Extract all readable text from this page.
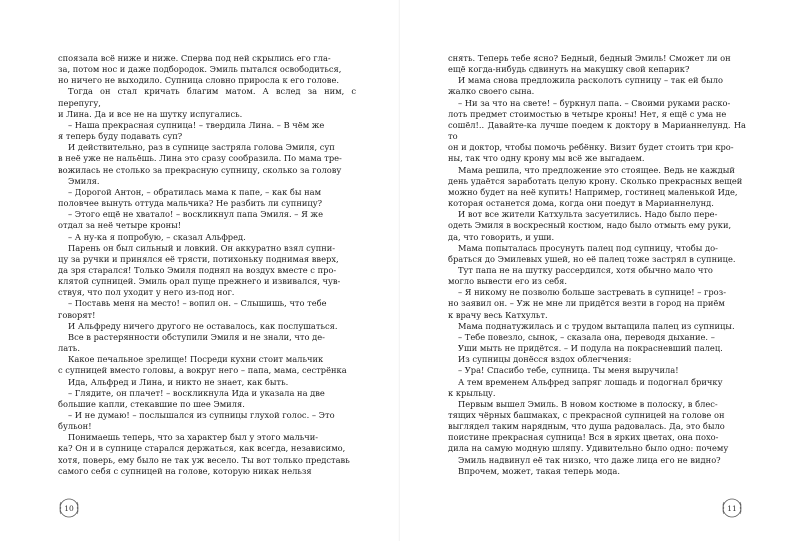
споязала всё ниже и ниже. Сперва под ней скрылись его гла-

за, потом нос и даже подбородок. Эмиль пытался освободиться,

но ничего не выходило. Супница словно приросла к его голове.

Тогда он стал кричать благим матом. А вслед за ним, с перепугу,

и Лина. Да и все не на шутку испугались.

– Наша прекрасная супница! – твердила Лина. – В чём же

я теперь буду подавать суп?

И действительно, раз в супнице застряла голова Эмиля, суп

в неё уже не нальёшь. Лина это сразу сообразила. По мама тре-

вожилась не столько за прекрасную супницу, сколько за голову

Эмиля.

– Дорогой Антон, – обратилась мама к папе, – как бы нам

половчее вынуть оттуда мальчика? Не разбить ли супницу?

– Этого ещё не хватало! – воскликнул папа Эмиля. – Я же

отдал за неё четыре кроны!

– А ну-ка я попробую, – сказал Альфред.

Парень он был сильный и ловкий. Он аккуратно взял супни-

цу за ручки и принялся её трясти, потихоньку поднимая вверх,

да зря старался! Только Эмиля поднял на воздух вместе с про-

клятой супницей. Эмиль орал пуще прежнего и извивался, чув-

ствуя, что пол уходит у него из-под ног.

– Поставь меня на место! – вопил он. – Слышишь, что тебе

говорят!

И Альфреду ничего другого не оставалось, как послушаться.

Все в растерянности обступили Эмиля и не знали, что де-

лать.

Какое печальное зрелище! Посреди кухни стоит мальчик

с супницей вместо головы, а вокруг него – папа, мама, сестрёнка

Ида, Альфред и Лина, и никто не знает, как быть.

– Глядите, он плачет! – воскликнула Ида и указала на две

большие капли, стекавшие по шее Эмиля.

– И не думаю! – послышался из супницы глухой голос. – Это

бульон!

Понимаешь теперь, что за характер был у этого мальчи-

ка? Он и в супнице старался держаться, как всегда, независимо,

хотя, поверь, ему было не так уж весело. Ты вот только представь

самого себя с супницей на голове, которую никак нельзя

10

снять. Теперь тебе ясно? Бедный, бедный Эмиль! Сможет ли он

ещё когда-нибудь сдвинуть на макушку свой кепарик?

И мама снова предложила расколоть супницу – так ей было

жалко своего сына.

– Ни за что на свете! – буркнул папа. – Своими руками раско-

лоть предмет стоимостью в четыре кроны! Нет, я ещё с ума не

сошёл!.. Давайте-ка лучше поедем к доктору в Марианнелунд. На то

он и доктор, чтобы помочь ребёнку. Визит будет стоить три кро-

ны, так что одну крону мы всё же выгадаем.

Мама решила, что предложение это стоящее. Ведь не каждый

день удаётся заработать целую крону. Сколько прекрасных вещей

можно будет на неё купить! Например, гостинец маленькой Иде,

которая останется дома, когда они поедут в Марианнелунд.

И вот все жители Катхульта засуетились. Надо было пере-

одеть Эмиля в воскресный костюм, надо было отмыть ему руки,

да, что говорить, и уши.

Мама попыталась просунуть палец под супницу, чтобы до-

браться до Эмилевых ушей, но её палец тоже застрял в супнице.

Тут папа не на шутку рассердился, хотя обычно мало что

могло вывести его из себя.

– Я никому не позволю больше застревать в супнице! – гроз-

но заявил он. – Уж не мне ли придётся везти в город на приём

к врачу весь Катхульт.

Мама поднатужилась и с трудом вытащила палец из супницы.

– Тебе повезло, сынок, – сказала она, переводя дыхание. –

Уши мыть не придётся. – И подула на покрасневший палец.

Из супницы донёсся вздох облегчения:

– Ура! Спасибо тебе, супница. Ты меня выручила!

А тем временем Альфред запряг лошадь и подогнал бричку

к крыльцу.

Первым вышел Эмиль. В новом костюме в полоску, в блес-

тящих чёрных башмаках, с прекрасной супницей на голове он

выглядел таким нарядным, что душа радовалась. Да, это было

поистине прекрасная супница! Вся в ярких цветах, она похо-

дила на самую модную шляпу. Удивительно было одно: почему

Эмиль надвинул её так низко, что даже лица его не видно?

Впрочем, может, такая теперь мода.

11
